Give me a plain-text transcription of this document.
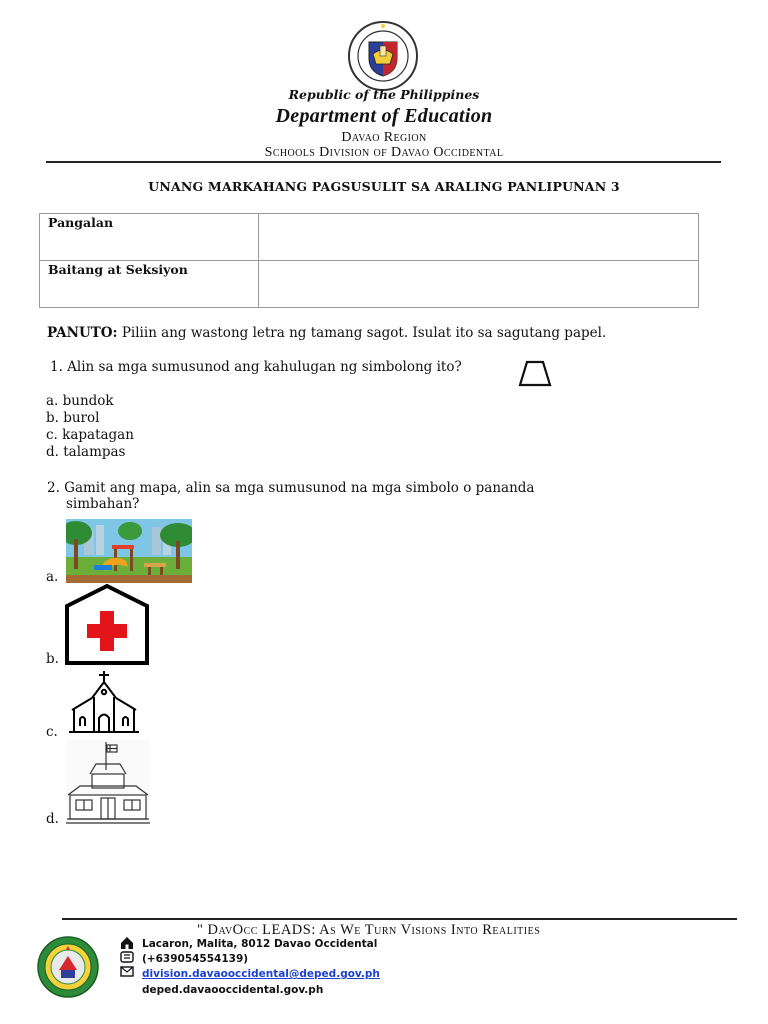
Republic of the Philippines
Department of Education
Davao Region
Schools Division of Davao Occidental
UNANG MARKAHANG PAGSUSULIT SA ARALING PANLIPUNAN 3
Pangalan
Baitang at Seksiyon
PANUTO: Piliin ang wastong letra ng tamang sagot. Isulat ito sa sagutang papel.
1. Alin sa mga sumusunod ang kahulugan ng simbolong ito?
a. bundok
b. burol
c. kapatagan
d. talampas
2. Gamit ang mapa, alin sa mga sumusunod na mga simbolo o pananda
simbahan?
a.
b.
c.
d.
" DavOcc LEADS: As We Turn Visions Into Realities
Lacaron, Malita, 8012 Davao Occidental
(+639054554139)
division.davaooccidental@deped.gov.ph
deped.davaooccidental.gov.ph
